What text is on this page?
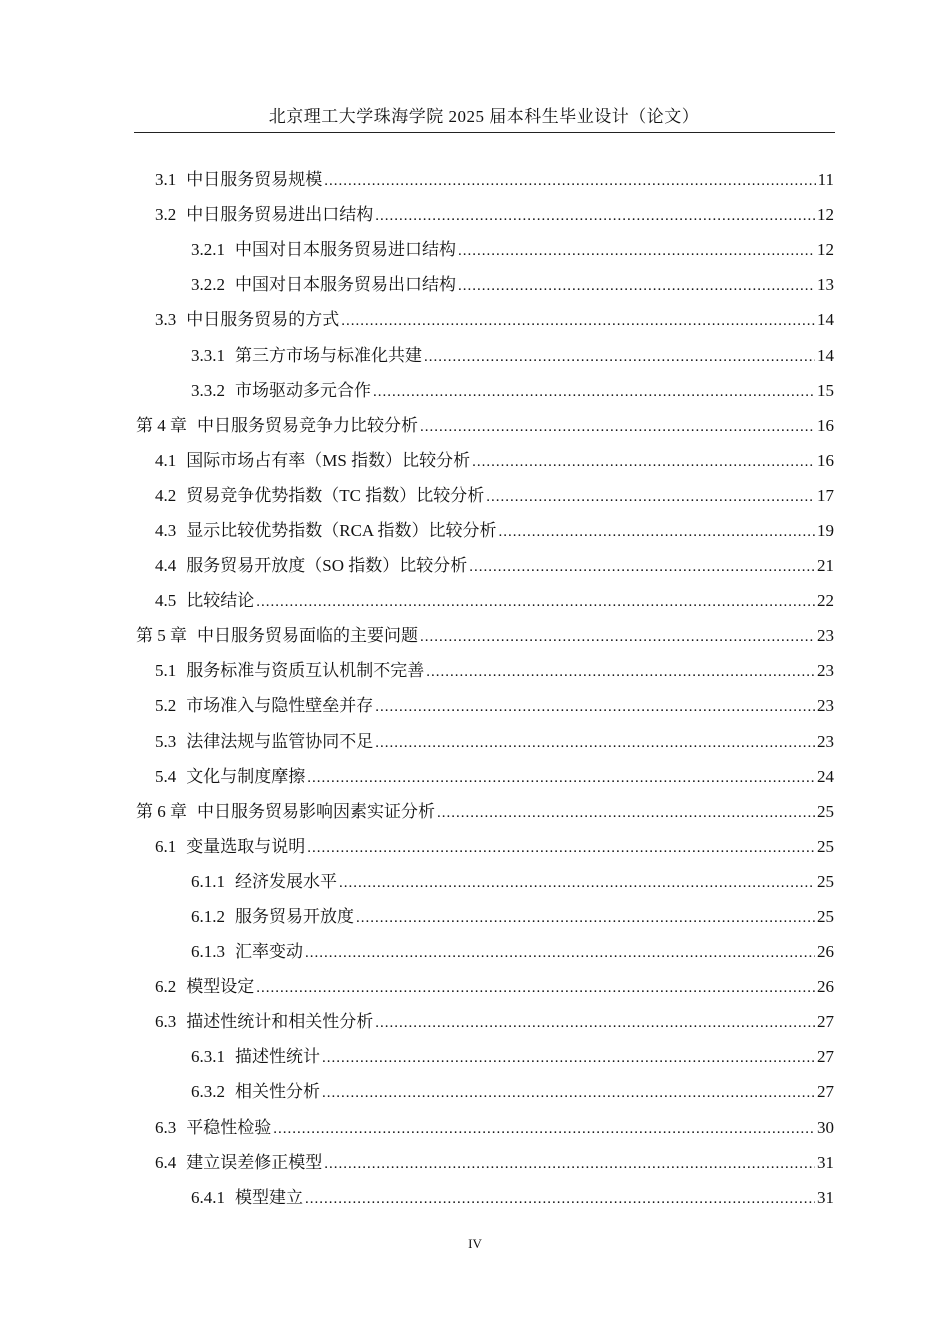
北京理工大学珠海学院 2025 届本科生毕业设计（论文）
3.1 中日服务贸易规模 .....	11
3.2 中日服务贸易进出口结构 .....	12
3.2.1 中国对日本服务贸易进口结构 .....	12
3.2.2 中国对日本服务贸易出口结构 .....	13
3.3 中日服务贸易的方式 .....	14
3.3.1 第三方市场与标准化共建 .....	14
3.3.2 市场驱动多元合作 .....	15
第 4 章 中日服务贸易竞争力比较分析 .....	16
4.1 国际市场占有率（MS 指数）比较分析 .....	16
4.2 贸易竞争优势指数（TC 指数）比较分析 .....	17
4.3 显示比较优势指数（RCA 指数）比较分析 .....	19
4.4 服务贸易开放度（SO 指数）比较分析 .....	21
4.5 比较结论 .....	22
第 5 章 中日服务贸易面临的主要问题 .....	23
5.1 服务标准与资质互认机制不完善 .....	23
5.2 市场准入与隐性壁垒并存 .....	23
5.3 法律法规与监管协同不足 .....	23
5.4 文化与制度摩擦 .....	24
第 6 章 中日服务贸易影响因素实证分析 .....	25
6.1 变量选取与说明 .....	25
6.1.1 经济发展水平 .....	25
6.1.2 服务贸易开放度 .....	25
6.1.3 汇率变动 .....	26
6.2 模型设定 .....	26
6.3 描述性统计和相关性分析 .....	27
6.3.1 描述性统计 .....	27
6.3.2 相关性分析 .....	27
6.3 平稳性检验 .....	30
6.4 建立误差修正模型 .....	31
6.4.1 模型建立 .....	31
IV
